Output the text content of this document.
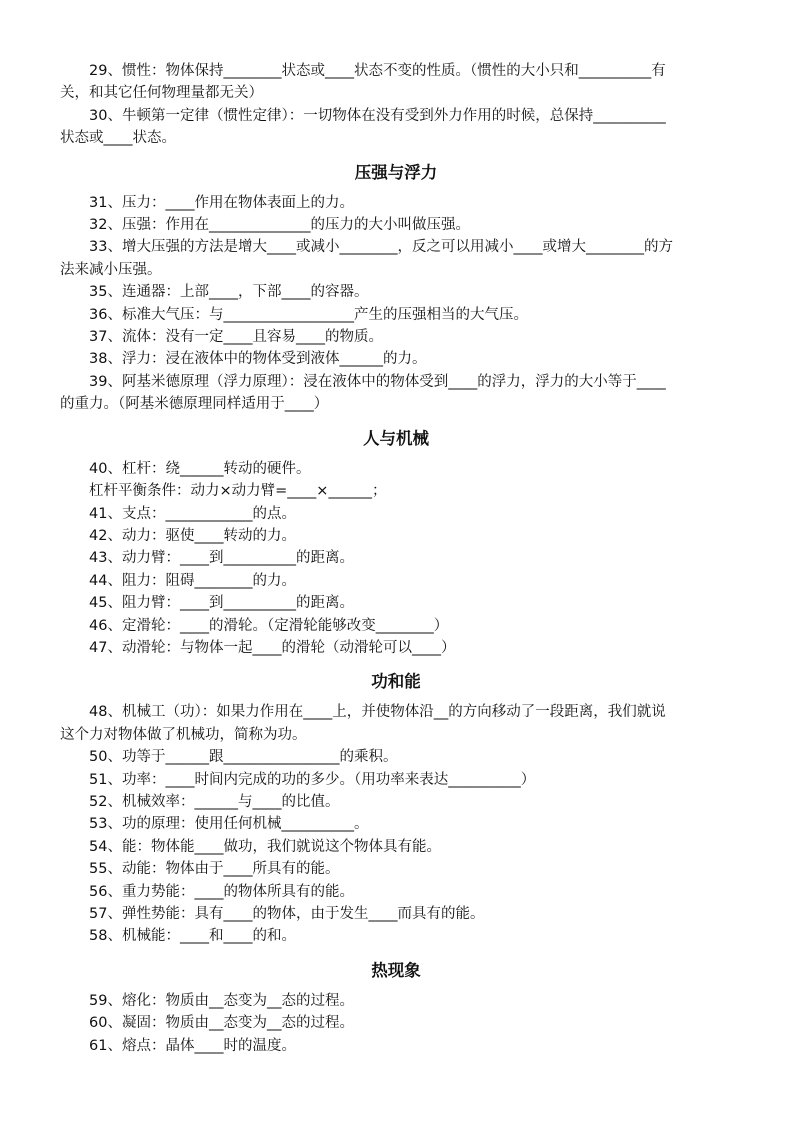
29、惯性：物体保持________状态或____状态不变的性质。（惯性的大小只和__________有
关，和其它任何物理量都无关）
30、牛顿第一定律（惯性定律）：一切物体在没有受到外力作用的时候，总保持__________
状态或____状态。
压强与浮力
31、压力：____作用在物体表面上的力。
32、压强：作用在______________的压力的大小叫做压强。
33、增大压强的方法是增大____或减小________，反之可以用减小____或增大________的方
法来减小压强。
35、连通器：上部____，下部____的容器。
36、标准大气压：与__________________产生的压强相当的大气压。
37、流体：没有一定____且容易____的物质。
38、浮力：浸在液体中的物体受到液体______的力。
39、阿基米德原理（浮力原理）：浸在液体中的物体受到____的浮力，浮力的大小等于____
的重力。（阿基米德原理同样适用于____）
人与机械
40、杠杆：绕______转动的硬件。
杠杆平衡条件：动力×动力臂=____×______；
41、支点：____________的点。
42、动力：驱使____转动的力。
43、动力臂：____到__________的距离。
44、阻力：阻碍________的力。
45、阻力臂：____到__________的距离。
46、定滑轮：____的滑轮。（定滑轮能够改变________）
47、动滑轮：与物体一起____的滑轮（动滑轮可以____）
功和能
48、机械工（功）：如果力作用在____上，并使物体沿__的方向移动了一段距离，我们就说
这个力对物体做了机械功，简称为功。
50、功等于______跟________________的乘积。
51、功率：____时间内完成的功的多少。（用功率来表达__________）
52、机械效率：______与____的比值。
53、功的原理：使用任何机械__________。
54、能：物体能____做功，我们就说这个物体具有能。
55、动能：物体由于____所具有的能。
56、重力势能：____的物体所具有的能。
57、弹性势能：具有____的物体，由于发生____而具有的能。
58、机械能：____和____的和。
热现象
59、熔化：物质由__态变为__态的过程。
60、凝固：物质由__态变为__态的过程。
61、熔点：晶体____时的温度。
